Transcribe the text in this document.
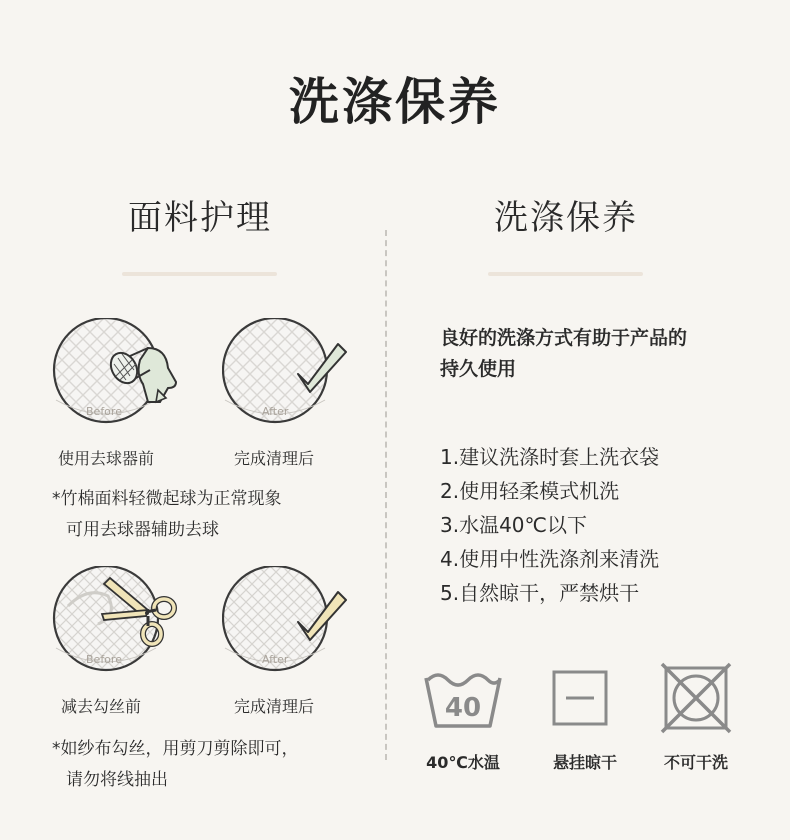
洗涤保养
面料护理
Before
使用去球器前
After
完成清理后
*竹棉面料轻微起球为正常现象
可用去球器辅助去球
Before
减去勾丝前
After
完成清理后
*如纱布勾丝，用剪刀剪除即可，
请勿将线抽出
洗涤保养
良好的洗涤方式有助于产品的
持久使用
1.建议洗涤时套上洗衣袋
2.使用轻柔模式机洗
3.水温40℃以下
4.使用中性洗涤剂来清洗
5.自然晾干，严禁烘干
40
40℃水温	悬挂晾干	不可干洗
